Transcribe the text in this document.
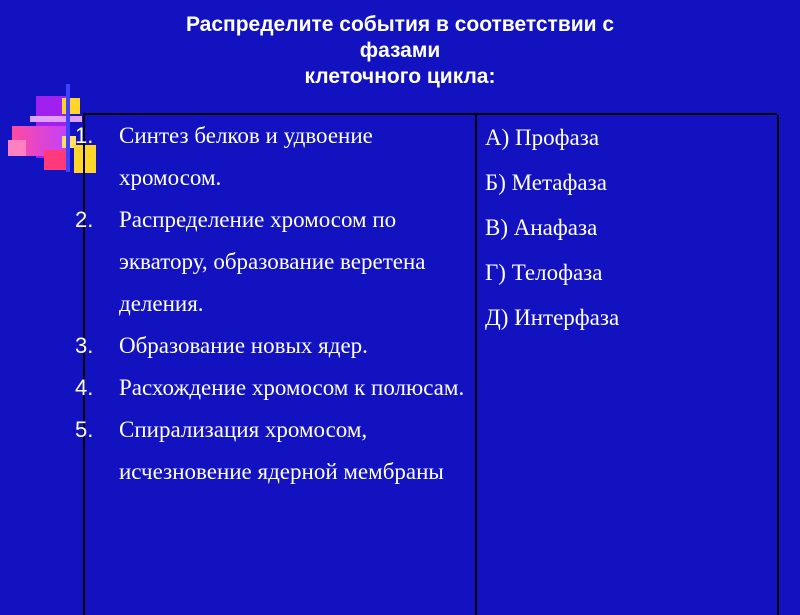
Распределите события в соответствии с
фазами
клеточного цикла:
1. Синтез белков и удвоение хромосом.
2. Распределение хромосом по экватору, образование веретена деления.
3. Образование новых ядер.
4. Расхождение хромосом к полюсам.
5. Спирализация хромосом, исчезновение ядерной мембраны
А) Профаза
Б) Метафаза
В) Анафаза
Г) Телофаза
Д) Интерфаза
